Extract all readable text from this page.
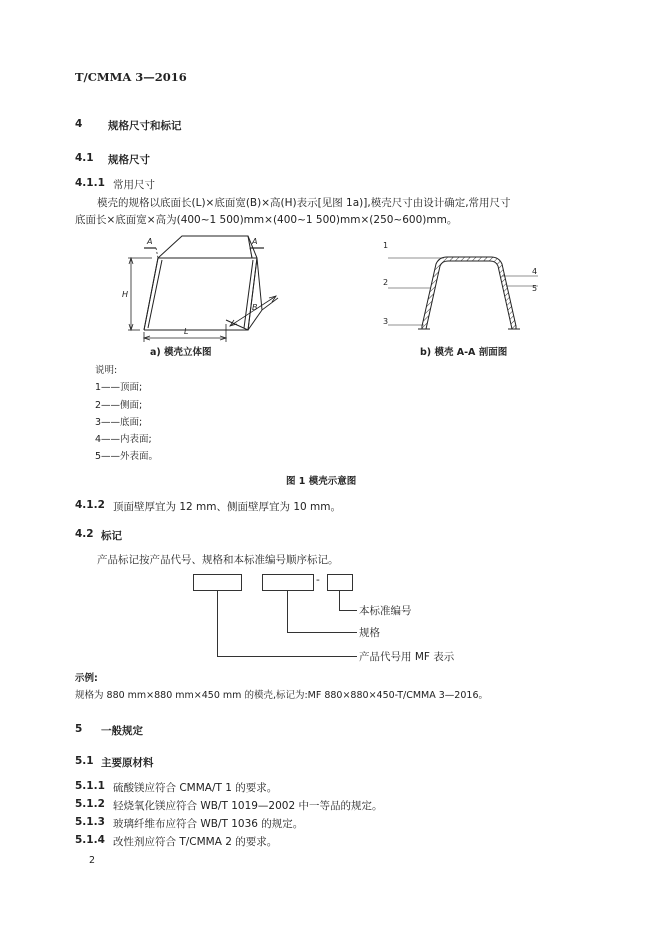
T/CMMA 3—2016
4 规格尺寸和标记
4.1 规格尺寸
4.1.1 常用尺寸
模壳的规格以底面长(L)×底面宽(B)×高(H)表示[见图 1a)],模壳尺寸由设计确定,常用尺寸
底面长×底面宽×高为(400~1 500)mm×(400~1 500)mm×(250~600)mm。
A	A
H
L
B
a) 模壳立体图
1
2
3
4
5
b) 模壳 A-A 剖面图
说明:
1——顶面;
2——侧面;
3——底面;
4——内表面;
5——外表面。
图 1 模壳示意图
4.1.2 顶面壁厚宜为 12 mm、侧面壁厚宜为 10 mm。
4.2 标记
产品标记按产品代号、规格和本标准编号顺序标记。
-
本标准编号
规格
产品代号用 MF 表示
示例:
规格为 880 mm×880 mm×450 mm 的模壳,标记为:MF 880×880×450-T/CMMA 3—2016。
5 一般规定
5.1 主要原材料
5.1.1 硫酸镁应符合 CMMA/T 1 的要求。
5.1.2 轻烧氧化镁应符合 WB/T 1019—2002 中一等品的规定。
5.1.3 玻璃纤维布应符合 WB/T 1036 的规定。
5.1.4 改性剂应符合 T/CMMA 2 的要求。
2
